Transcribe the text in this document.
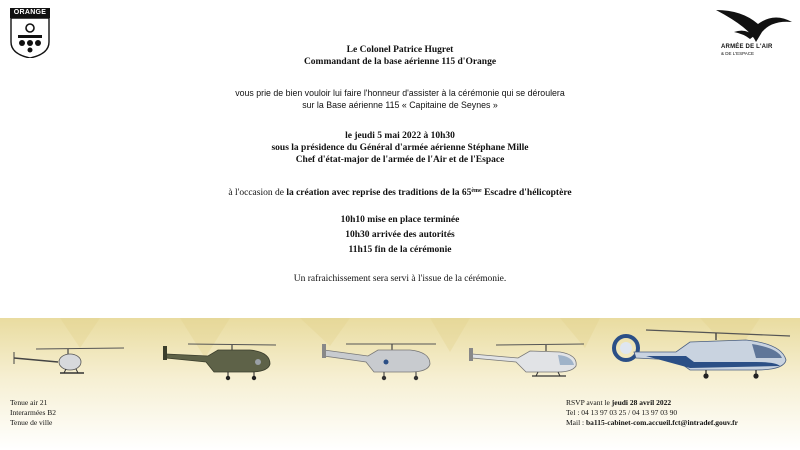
ORANGE
ARMÉE DE L'AIR
& DE L'ESPACE
Le Colonel Patrice Hugret
Commandant de la base aérienne 115 d'Orange
vous prie de bien vouloir lui faire l'honneur d'assister à la cérémonie qui se déroulera
sur la Base aérienne 115 « Capitaine de Seynes »
le jeudi 5 mai 2022 à 10h30
sous la présidence du Général d'armée aérienne Stéphane Mille
Chef d'état-major de l'armée de l'Air et de l'Espace
à l'occasion de la création avec reprise des traditions de la 65ème Escadre d'hélicoptère
10h10 mise en place terminée
10h30 arrivée des autorités
11h15 fin de la cérémonie
Un rafraichissement sera servi à l'issue de la cérémonie.
Tenue air 21
Interarmées B2
Tenue de ville
RSVP avant le jeudi 28 avril 2022
Tel : 04 13 97 03 25 / 04 13 97 03 90
Mail : ba115-cabinet-com.accueil.fct@intradef.gouv.fr
